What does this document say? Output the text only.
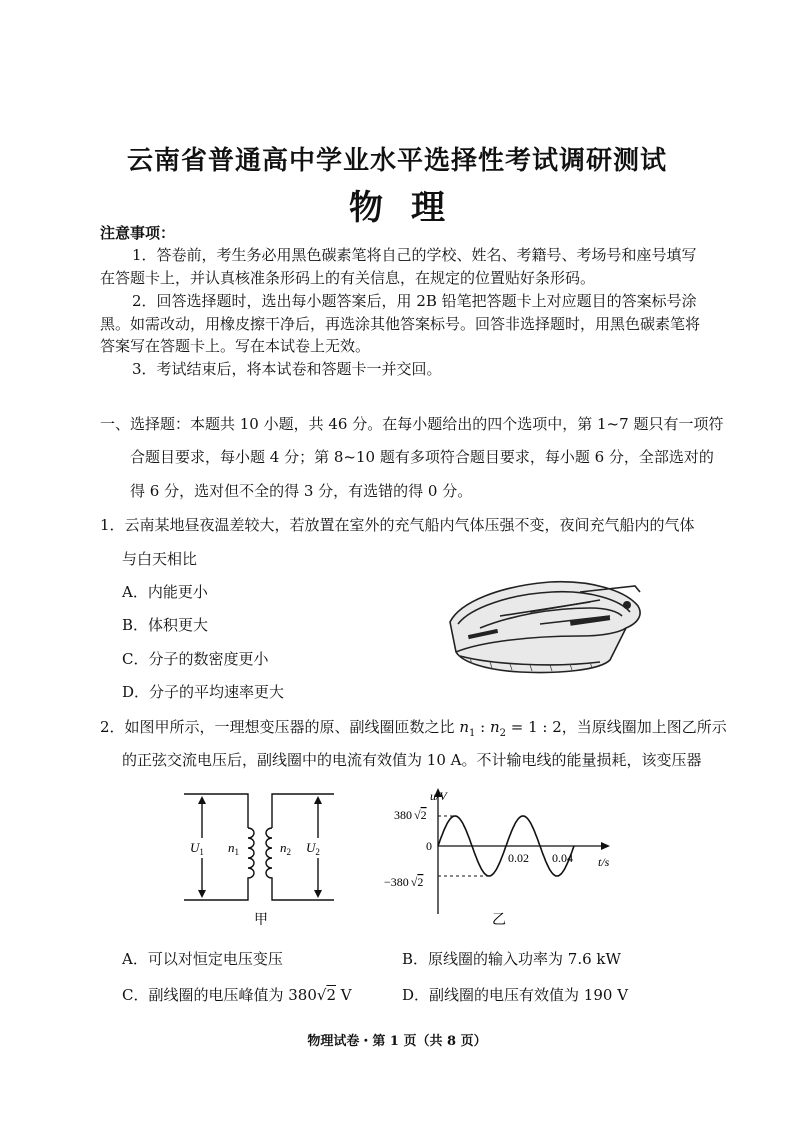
云南省普通高中学业水平选择性考试调研测试
物理
注意事项：
1．答卷前，考生务必用黑色碳素笔将自己的学校、姓名、考籍号、考场号和座号填写
在答题卡上，并认真核准条形码上的有关信息，在规定的位置贴好条形码。
2．回答选择题时，选出每小题答案后，用 2B 铅笔把答题卡上对应题目的答案标号涂
黑。如需改动，用橡皮擦干净后，再选涂其他答案标号。回答非选择题时，用黑色碳素笔将
答案写在答题卡上。写在本试卷上无效。
3．考试结束后，将本试卷和答题卡一并交回。
一、选择题：本题共 10 小题，共 46 分。在每小题给出的四个选项中，第 1~7 题只有一项符
合题目要求，每小题 4 分；第 8~10 题有多项符合题目要求，每小题 6 分，全部选对的
得 6 分，选对但不全的得 3 分，有选错的得 0 分。
1．云南某地昼夜温差较大，若放置在室外的充气船内气体压强不变，夜间充气船内的气体
与白天相比
A．内能更小
B．体积更大
C．分子的数密度更小
D．分子的平均速率更大
2．如图甲所示，一理想变压器的原、副线圈匝数之比 $n_1$ : $n_2 = 1$ : 2，当原线圈加上图乙所示
的正弦交流电压后，副线圈中的电流有效值为 10 A。不计输电线的能量损耗，该变压器
$U_1$ $n_1$	$n_2$ $U_2$
甲
u/V
380 √2
0
−380 √2
0.02 0.04 t/s
乙
A．可以对恒定电压变压	B．原线圈的输入功率为 7.6 kW
C．副线圈的电压峰值为 380√2 V	D．副线圈的电压有效值为 190 V
物理试卷・第 1 页（共 8 页）
